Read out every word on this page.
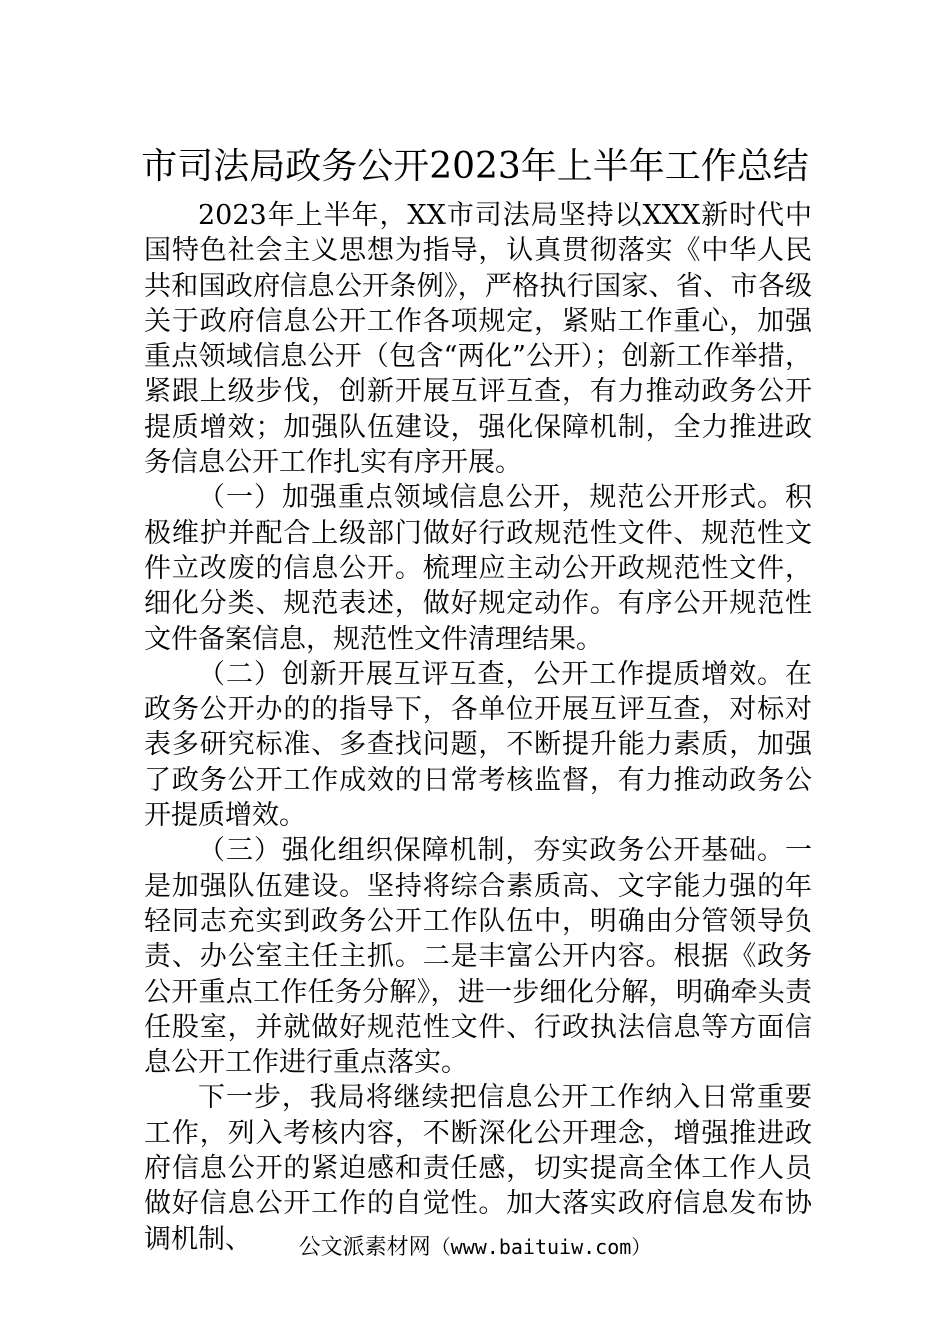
市司法局政务公开2023年上半年工作总结

2023年上半年，XX市司法局坚持以XXX新时代中国特色社会主义思想为指导，认真贯彻落实《中华人民共和国政府信息公开条例》，严格执行国家、省、市各级关于政府信息公开工作各项规定，紧贴工作重心，加强重点领域信息公开（包含“两化”公开）；创新工作举措，紧跟上级步伐，创新开展互评互查，有力推动政务公开提质增效；加强队伍建设，强化保障机制，全力推进政务信息公开工作扎实有序开展。

（一）加强重点领域信息公开，规范公开形式。积极维护并配合上级部门做好行政规范性文件、规范性文件立改废的信息公开。梳理应主动公开政规范性文件，细化分类、规范表述，做好规定动作。有序公开规范性文件备案信息，规范性文件清理结果。

（二）创新开展互评互查，公开工作提质增效。在政务公开办的的指导下，各单位开展互评互查，对标对表多研究标准、多查找问题，不断提升能力素质，加强了政务公开工作成效的日常考核监督，有力推动政务公开提质增效。

（三）强化组织保障机制，夯实政务公开基础。一是加强队伍建设。坚持将综合素质高、文字能力强的年轻同志充实到政务公开工作队伍中，明确由分管领导负责、办公室主任主抓。二是丰富公开内容。根据《政务公开重点工作任务分解》，进一步细化分解，明确牵头责任股室，并就做好规范性文件、行政执法信息等方面信息公开工作进行重点落实。

下一步，我局将继续把信息公开工作纳入日常重要工作，列入考核内容，不断深化公开理念，增强推进政府信息公开的紧迫感和责任感，切实提高全体工作人员做好信息公开工作的自觉性。加大落实政府信息发布协调机制、	公文派素材网（www.baituiw.com）
